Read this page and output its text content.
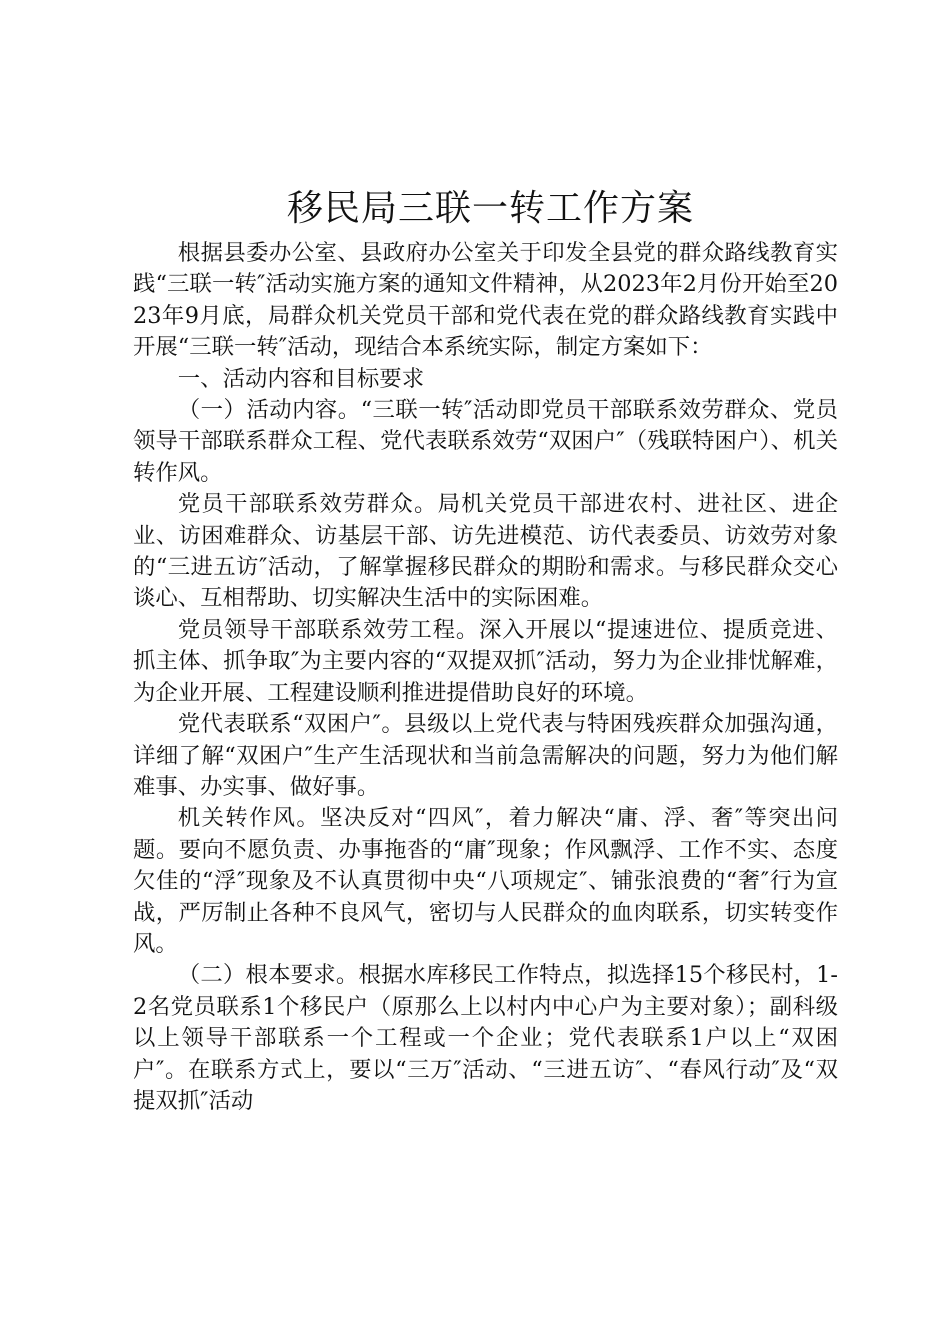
移民局三联一转工作方案

根据县委办公室、县政府办公室关于印发全县党的群众路线教育实践“三联一转″活动实施方案的通知文件精神，从2023年2月份开始至2023年9月底，局群众机关党员干部和党代表在党的群众路线教育实践中开展“三联一转″活动，现结合本系统实际，制定方案如下：

一、活动内容和目标要求

（一）活动内容。“三联一转″活动即党员干部联系效劳群众、党员领导干部联系群众工程、党代表联系效劳“双困户″（残联特困户）、机关转作风。

党员干部联系效劳群众。局机关党员干部进农村、进社区、进企业、访困难群众、访基层干部、访先进模范、访代表委员、访效劳对象的“三进五访″活动，了解掌握移民群众的期盼和需求。与移民群众交心谈心、互相帮助、切实解决生活中的实际困难。

党员领导干部联系效劳工程。深入开展以“提速进位、提质竞进、抓主体、抓争取″为主要内容的“双提双抓″活动，努力为企业排忧解难，为企业开展、工程建设顺利推进提借助良好的环境。

党代表联系“双困户″。县级以上党代表与特困残疾群众加强沟通，详细了解“双困户″生产生活现状和当前急需解决的问题，努力为他们解难事、办实事、做好事。

机关转作风。坚决反对“四风″，着力解决“庸、浮、奢″等突出问题。要向不愿负责、办事拖沓的“庸″现象；作风飘浮、工作不实、态度欠佳的“浮″现象及不认真贯彻中央“八项规定″、铺张浪费的“奢″行为宣战，严厉制止各种不良风气，密切与人民群众的血肉联系，切实转变作风。

（二）根本要求。根据水库移民工作特点，拟选择15个移民村，1-2名党员联系1个移民户（原那么上以村内中心户为主要对象）；副科级以上领导干部联系一个工程或一个企业；党代表联系1户以上“双困户″。在联系方式上，要以“三万″活动、“三进五访″、“春风行动″及“双提双抓″活动
